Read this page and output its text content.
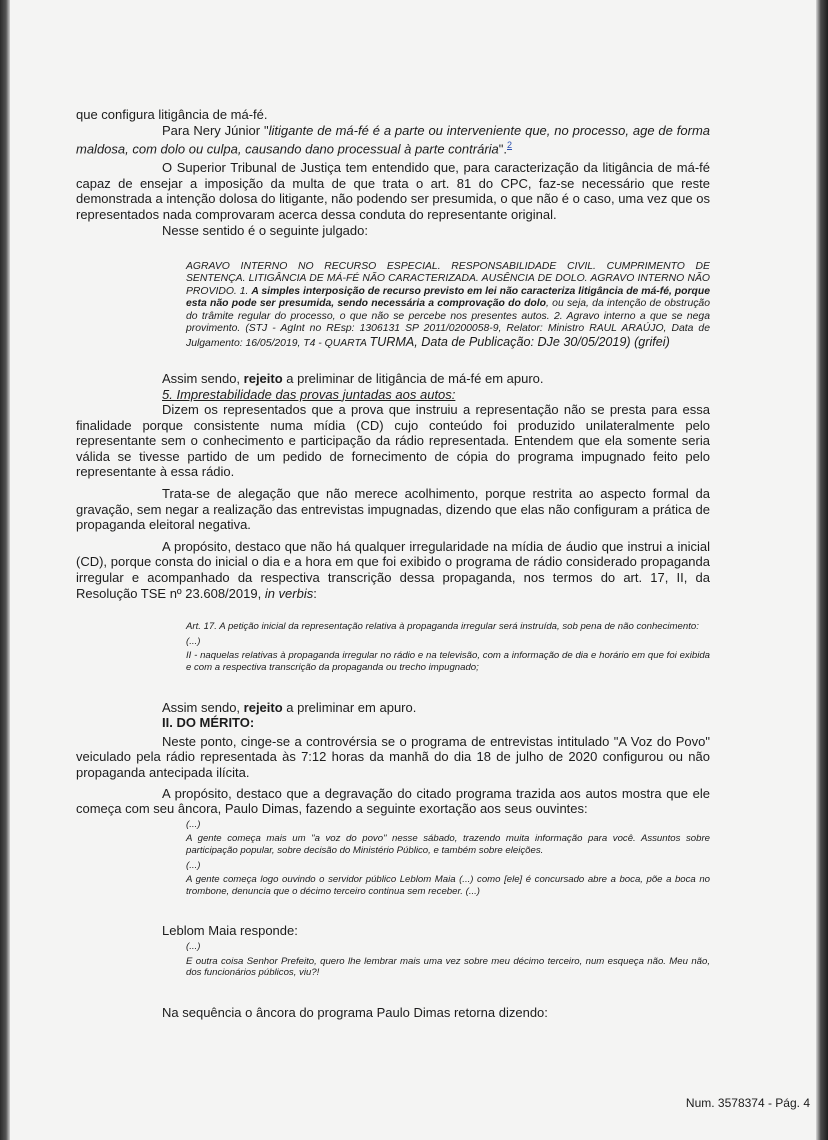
que configura litigância de má-fé.

Para Nery Júnior "litigante de má-fé é a parte ou interveniente que, no processo, age de forma maldosa, com dolo ou culpa, causando dano processual à parte contrária".$^2$

O Superior Tribunal de Justiça tem entendido que, para caracterização da litigância de má-fé capaz de ensejar a imposição da multa de que trata o art. 81 do CPC, faz-se necessário que reste demonstrada a intenção dolosa do litigante, não podendo ser presumida, o que não é o caso, uma vez que os representados nada comprovaram acerca dessa conduta do representante original.

Nesse sentido é o seguinte julgado:

AGRAVO INTERNO NO RECURSO ESPECIAL. RESPONSABILIDADE CIVIL. CUMPRIMENTO DE SENTENÇA. LITIGÂNCIA DE MÁ-FÉ NÃO CARACTERIZADA. AUSÊNCIA DE DOLO. AGRAVO INTERNO NÃO PROVIDO. 1. A simples interposição de recurso previsto em lei não caracteriza litigância de má-fé, porque esta não pode ser presumida, sendo necessária a comprovação do dolo, ou seja, da intenção de obstrução do trâmite regular do processo, o que não se percebe nos presentes autos. 2. Agravo interno a que se nega provimento. (STJ - AgInt no REsp: 1306131 SP 2011/0200058-9, Relator: Ministro RAUL ARAÚJO, Data de Julgamento: 16/05/2019, T4 - QUARTA TURMA, Data de Publicação: DJe 30/05/2019) (grifei)

Assim sendo, rejeito a preliminar de litigância de má-fé em apuro.

5. Imprestabilidade das provas juntadas aos autos:

Dizem os representados que a prova que instruiu a representação não se presta para essa finalidade porque consistente numa mídia (CD) cujo conteúdo foi produzido unilateralmente pelo representante sem o conhecimento e participação da rádio representada. Entendem que ela somente seria válida se tivesse partido de um pedido de fornecimento de cópia do programa impugnado feito pelo representante à essa rádio.

Trata-se de alegação que não merece acolhimento, porque restrita ao aspecto formal da gravação, sem negar a realização das entrevistas impugnadas, dizendo que elas não configuram a prática de propaganda eleitoral negativa.

A propósito, destaco que não há qualquer irregularidade na mídia de áudio que instrui a inicial (CD), porque consta do inicial o dia e a hora em que foi exibido o programa de rádio considerado propaganda irregular e acompanhado da respectiva transcrição dessa propaganda, nos termos do art. 17, II, da Resolução TSE nº 23.608/2019, in verbis:

Art. 17. A petição inicial da representação relativa à propaganda irregular será instruída, sob pena de não conhecimento:

(...)

II - naquelas relativas à propaganda irregular no rádio e na televisão, com a informação de dia e horário em que foi exibida e com a respectiva transcrição da propaganda ou trecho impugnado;

Assim sendo, rejeito a preliminar em apuro.

II. DO MÉRITO:

Neste ponto, cinge-se a controvérsia se o programa de entrevistas intitulado "A Voz do Povo" veiculado pela rádio representada às 7:12 horas da manhã do dia 18 de julho de 2020 configurou ou não propaganda antecipada ilícita.

A propósito, destaco que a degravação do citado programa trazida aos autos mostra que ele começa com seu âncora, Paulo Dimas, fazendo a seguinte exortação aos seus ouvintes:

(...)

A gente começa mais um "a voz do povo" nesse sábado, trazendo muita informação para você. Assuntos sobre participação popular, sobre decisão do Ministério Público, e também sobre eleições.

(...)

A gente começa logo ouvindo o servidor público Leblom Maia (...) como [ele] é concursado abre a boca, põe a boca no trombone, denuncia que o décimo terceiro continua sem receber. (...)

Leblom Maia responde:

(...)

E outra coisa Senhor Prefeito, quero lhe lembrar mais uma vez sobre meu décimo terceiro, num esqueça não. Meu não, dos funcionários públicos, viu?!

Na sequência o âncora do programa Paulo Dimas retorna dizendo:

Num. 3578374 - Pág. 4
